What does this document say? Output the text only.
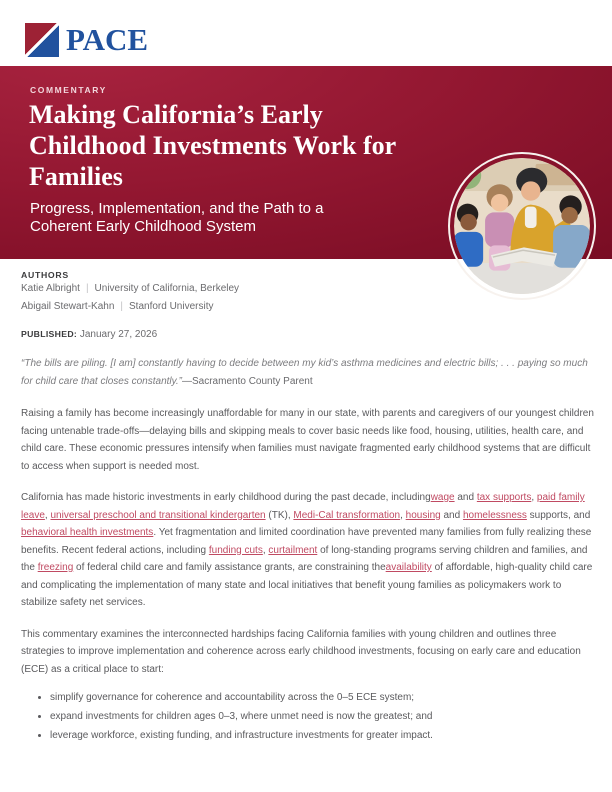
PACE
COMMENTARY
Making California’s Early
Childhood Investments Work for
Families
Progress, Implementation, and the Path to a
Coherent Early Childhood System
AUTHORS
Katie Albright | University of California, Berkeley
Abigail Stewart-Kahn | Stanford University
PUBLISHED: January 27, 2026
“The bills are piling. [I am] constantly having to decide between my kid’s asthma medicines and electric bills; . . . paying so much for child care that closes constantly.”—Sacramento County Parent
Raising a family has become increasingly unaffordable for many in our state, with parents and caregivers of our youngest children facing untenable trade-offs—delaying bills and skipping meals to cover basic needs like food, housing, utilities, health care, and child care. These economic pressures intensify when families must navigate fragmented early childhood systems that are difficult to access when support is needed most.
California has made historic investments in early childhood during the past decade, includingwage and tax supports, paid family leave, universal preschool and transitional kindergarten (TK), Medi-Cal transformation, housing and homelessness supports, and behavioral health investments. Yet fragmentation and limited coordination have prevented many families from fully realizing these benefits. Recent federal actions, including funding cuts, curtailment of long-standing programs serving children and families, and the freezing of federal child care and family assistance grants, are constraining theavailability of affordable, high-quality child care and complicating the implementation of many state and local initiatives that benefit young families as policymakers work to stabilize safety net services.
This commentary examines the interconnected hardships facing California families with young children and outlines three strategies to improve implementation and coherence across early childhood investments, focusing on early care and education (ECE) as a critical place to start:
• simplify governance for coherence and accountability across the 0–5 ECE system;
• expand investments for children ages 0–3, where unmet need is now the greatest; and
• leverage workforce, existing funding, and infrastructure investments for greater impact.
